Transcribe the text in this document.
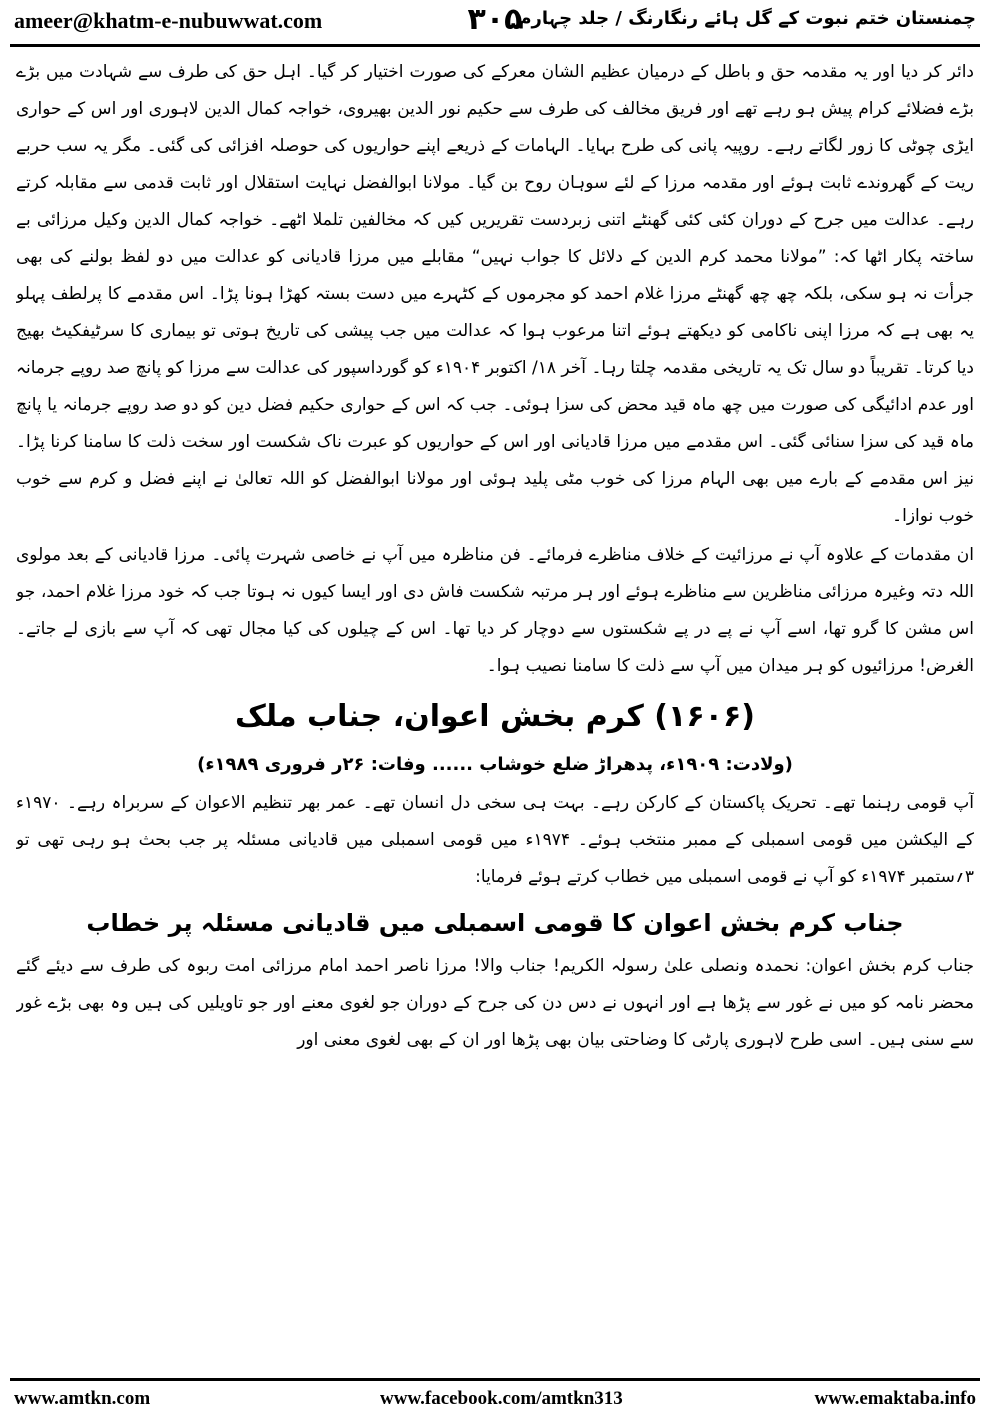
ameer@khatm-e-nubuwwat.com	۳۰۵
چمنستان ختم نبوت کے گل ہائے رنگارنگ / جلد چہارم

دائر کر دیا اور یہ مقدمہ حق و باطل کے درمیان عظیم الشان معرکے کی صورت اختیار کر گیا۔ اہل حق کی طرف سے شہادت میں بڑے بڑے فضلائے کرام پیش ہو رہے تھے اور فریق مخالف کی طرف سے حکیم نور الدین بھیروی، خواجہ کمال الدین لاہوری اور اس کے حواری ایڑی چوٹی کا زور لگاتے رہے۔ روپیہ پانی کی طرح بہایا۔ الہامات کے ذریعے اپنے حواریوں کی حوصلہ افزائی کی گئی۔ مگر یہ سب حربے ریت کے گھروندے ثابت ہوئے اور مقدمہ مرزا کے لئے سوہان روح بن گیا۔ مولانا ابوالفضل نہایت استقلال اور ثابت قدمی سے مقابلہ کرتے رہے۔ عدالت میں جرح کے دوران کئی کئی گھنٹے اتنی زبردست تقریریں کیں کہ مخالفین تلملا اٹھے۔ خواجہ کمال الدین وکیل مرزائی بے ساختہ پکار اٹھا کہ: ”مولانا محمد کرم الدین کے دلائل کا جواب نہیں“ مقابلے میں مرزا قادیانی کو عدالت میں دو لفظ بولنے کی بھی جرأت نہ ہو سکی، بلکہ چھ چھ گھنٹے مرزا غلام احمد کو مجرموں کے کٹہرے میں دست بستہ کھڑا ہونا پڑا۔ اس مقدمے کا پرلطف پہلو یہ بھی ہے کہ مرزا اپنی ناکامی کو دیکھتے ہوئے اتنا مرعوب ہوا کہ عدالت میں جب پیشی کی تاریخ ہوتی تو بیماری کا سرٹیفکیٹ بھیج دیا کرتا۔ تقریباً دو سال تک یہ تاریخی مقدمہ چلتا رہا۔ آخر ۱۸/ اکتوبر ۱۹۰۴ء کو گورداسپور کی عدالت سے مرزا کو پانچ صد روپے جرمانہ اور عدم ادائیگی کی صورت میں چھ ماہ قید محض کی سزا ہوئی۔ جب کہ اس کے حواری حکیم فضل دین کو دو صد روپے جرمانہ یا پانچ ماہ قید کی سزا سنائی گئی۔ اس مقدمے میں مرزا قادیانی اور اس کے حواریوں کو عبرت ناک شکست اور سخت ذلت کا سامنا کرنا پڑا۔ نیز اس مقدمے کے بارے میں بھی الہام مرزا کی خوب مٹی پلید ہوئی اور مولانا ابوالفضل کو اللہ تعالیٰ نے اپنے فضل و کرم سے خوب خوب نوازا۔

ان مقدمات کے علاوہ آپ نے مرزائیت کے خلاف مناظرے فرمائے۔ فن مناظرہ میں آپ نے خاصی شہرت پائی۔ مرزا قادیانی کے بعد مولوی اللہ دتہ وغیرہ مرزائی مناظرین سے مناظرے ہوئے اور ہر مرتبہ شکست فاش دی اور ایسا کیوں نہ ہوتا جب کہ خود مرزا غلام احمد، جو اس مشن کا گرو تھا، اسے آپ نے پے در پے شکستوں سے دوچار کر دیا تھا۔ اس کے چیلوں کی کیا مجال تھی کہ آپ سے بازی لے جاتے۔ الغرض! مرزائیوں کو ہر میدان میں آپ سے ذلت کا سامنا نصیب ہوا۔

(۱۶۰۶) کرم بخش اعوان، جناب ملک
(ولادت: ۱۹۰۹ء، پدھراڑ ضلع خوشاب ...... وفات: ۲۶ر فروری ۱۹۸۹ء)

آپ قومی رہنما تھے۔ تحریک پاکستان کے کارکن رہے۔ بہت ہی سخی دل انسان تھے۔ عمر بھر تنظیم الاعوان کے سربراہ رہے۔ ۱۹۷۰ء کے الیکشن میں قومی اسمبلی کے ممبر منتخب ہوئے۔ ۱۹۷۴ء میں قومی اسمبلی میں قادیانی مسئلہ پر جب بحث ہو رہی تھی تو ۳؍ستمبر ۱۹۷۴ء کو آپ نے قومی اسمبلی میں خطاب کرتے ہوئے فرمایا:

جناب کرم بخش اعوان کا قومی اسمبلی میں قادیانی مسئلہ پر خطاب

جناب کرم بخش اعوان: نحمدہ ونصلی علیٰ رسولہ الکریم! جناب والا! مرزا ناصر احمد امام مرزائی امت ربوہ کی طرف سے دیئے گئے محضر نامہ کو میں نے غور سے پڑھا ہے اور انہوں نے دس دن کی جرح کے دوران جو لغوی معنے اور جو تاویلیں کی ہیں وہ بھی بڑے غور سے سنی ہیں۔ اسی طرح لاہوری پارٹی کا وضاحتی بیان بھی پڑھا اور ان کے بھی لغوی معنی اور

www.amtkn.com	www.facebook.com/amtkn313	www.emaktaba.info
